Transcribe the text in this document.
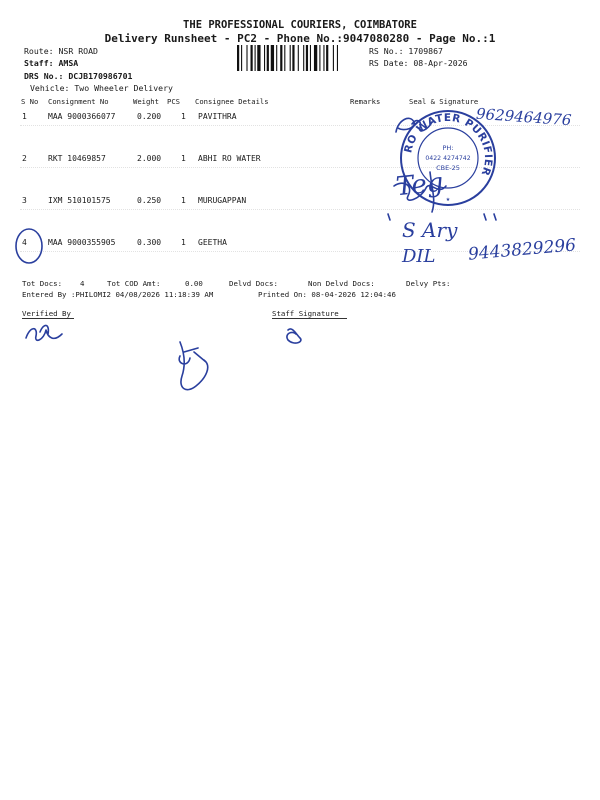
THE PROFESSIONAL COURIERS, COIMBATORE
Delivery Runsheet - PC2 - Phone No.:9047080280 - Page No.:1
Route: NSR ROAD
Staff: AMSA
DRS No.: DCJB170986701
Vehicle: Two Wheeler Delivery
RS No.: 1709867
RS Date: 08-Apr-2026
S No Consignment No	Weight PCS Consignee Details	Remarks	Seal & Signature
1	MAA 9000366077	0.200 1 PAVITHRA
2	RKT 10469857	2.000 1 ABHI RO WATER
3	IXM 510101575	0.250 1 MURUGAPPAN
4	MAA 9000355905	0.300 1 GEETHA
Tot Docs: 4	Tot COD Amt:	0.00	Delvd Docs:	Non Delvd Docs:	Delvy Pts:
Entered By :PHILOMI2 04/08/2026 11:18:39 AM	Printed On: 08-04-2026 12:04:46
Verified By	Staff Signature
9629464976
Teg
S Ary
DIL 9443829296
RO WATER PURIFIER
PH:
0422 4274742
CBE-25
★
